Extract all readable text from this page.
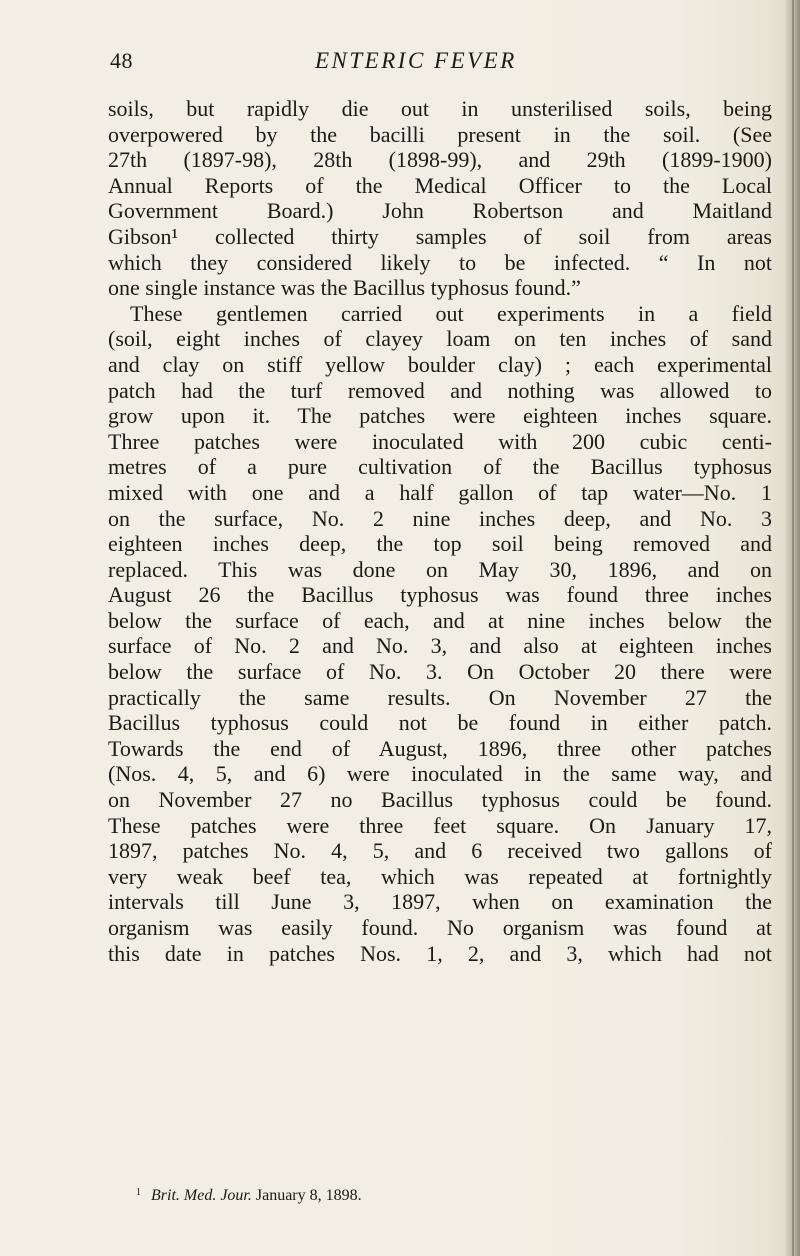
48	ENTERIC FEVER
soils, but rapidly die out in unsterilised soils, being
overpowered by the bacilli present in the soil. (See
27th (1897-98), 28th (1898-99), and 29th (1899-1900)
Annual Reports of the Medical Officer to the Local
Government Board.) John Robertson and Maitland
Gibson¹ collected thirty samples of soil from areas
which they considered likely to be infected. “ In not
one single instance was the Bacillus typhosus found.”
These gentlemen carried out experiments in a field
(soil, eight inches of clayey loam on ten inches of sand
and clay on stiff yellow boulder clay) ; each experimental
patch had the turf removed and nothing was allowed to
grow upon it. The patches were eighteen inches square.
Three patches were inoculated with 200 cubic centi-
metres of a pure cultivation of the Bacillus typhosus
mixed with one and a half gallon of tap water—No. 1
on the surface, No. 2 nine inches deep, and No. 3
eighteen inches deep, the top soil being removed and
replaced. This was done on May 30, 1896, and on
August 26 the Bacillus typhosus was found three inches
below the surface of each, and at nine inches below the
surface of No. 2 and No. 3, and also at eighteen inches
below the surface of No. 3. On October 20 there were
practically the same results. On November 27 the
Bacillus typhosus could not be found in either patch.
Towards the end of August, 1896, three other patches
(Nos. 4, 5, and 6) were inoculated in the same way, and
on November 27 no Bacillus typhosus could be found.
These patches were three feet square. On January 17,
1897, patches No. 4, 5, and 6 received two gallons of
very weak beef tea, which was repeated at fortnightly
intervals till June 3, 1897, when on examination the
organism was easily found. No organism was found at
this date in patches Nos. 1, 2, and 3, which had not
$^1$ Brit. Med. Jour. January 8, 1898.
